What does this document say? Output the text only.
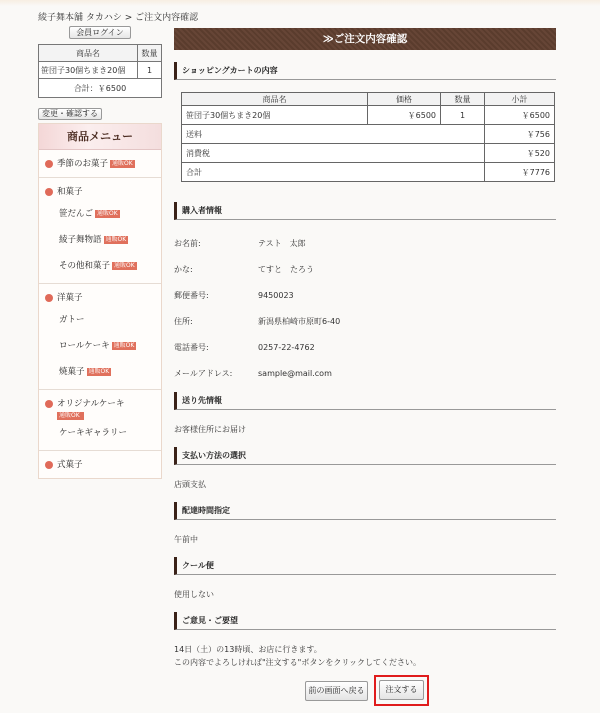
綾子舞本舗 タカハシ > ご注文内容確認
会員ログイン
商品名	数量
笹団子30個ちまき20個	1
合計：￥6500	
変更・確認する
商品メニュー
季節のお菓子 通販OK
和菓子
笹だんご 通販OK
綾子舞物語 通販OK
その他和菓子 通販OK
洋菓子
ガトー
ロールケーキ 通販OK
焼菓子 通販OK
オリジナルケーキ
通販OK
ケーキギャラリー
式菓子
≫ご注文内容確認
ショッピングカートの内容
商品名	価格	数量	小計
笹団子30個ちまき20個	￥6500	1	￥6500
送料			￥756
消費税			￥520
合計			￥7776
購入者情報
お名前:	テスト　太郎
かな:	てすと　たろう
郵便番号:	9450023
住所:	新潟県柏崎市原町6-40
電話番号:	0257-22-4762
メールアドレス:	sample@mail.com
送り先情報
お客様住所にお届け
支払い方法の選択
店頭支払
配達時間指定
午前中
クール便
使用しない
ご意見・ご要望
14日（土）の13時頃、お店に行きます。
この内容でよろしければ"注文する"ボタンをクリックしてください。
前の画面へ戻る	注文する
